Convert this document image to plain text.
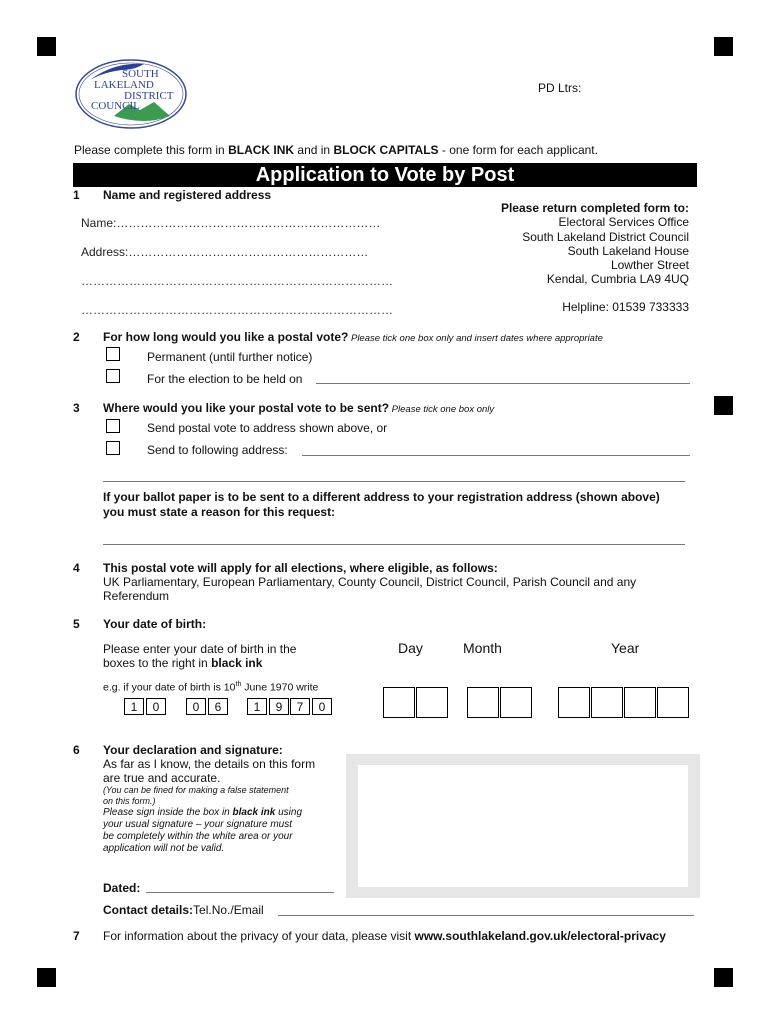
SOUTH
LAKELAND
DISTRICT
COUNCIL
PD Ltrs:
Please complete this form in BLACK INK and in BLOCK CAPITALS - one form for each applicant.
Application to Vote by Post
1 Name and registered address
Name:…………………………………………………………
Address:……………………………………………………
……………………………………………………………………
……………………………………………………………………
Please return completed form to:
Electoral Services Office
South Lakeland District Council
South Lakeland House
Lowther Street
Kendal, Cumbria LA9 4UQ
Helpline: 01539 733333
2 For how long would you like a postal vote? Please tick one box only and insert dates where appropriate
Permanent (until further notice)
For the election to be held on
3 Where would you like your postal vote to be sent? Please tick one box only
Send postal vote to address shown above, or
Send to following address:
If your ballot paper is to be sent to a different address to your registration address (shown above) you must state a reason for this request:
4 This postal vote will apply for all elections, where eligible, as follows:
UK Parliamentary, European Parliamentary, County Council, District Council, Parish Council and any Referendum
5 Your date of birth:
Please enter your date of birth in the
boxes to the right in black ink
e.g. if your date of birth is 10th June 1970 write
1	0	0	6	1	9	7	0
Day	Month	Year
6 Your declaration and signature:
As far as I know, the details on this form
are true and accurate.
(You can be fined for making a false statement
on this form.)
Please sign inside the box in black ink using
your usual signature – your signature must
be completely within the white area or your
application will not be valid.
Dated:
Contact details:Tel.No./Email
7 For information about the privacy of your data, please visit www.southlakeland.gov.uk/electoral-privacy
